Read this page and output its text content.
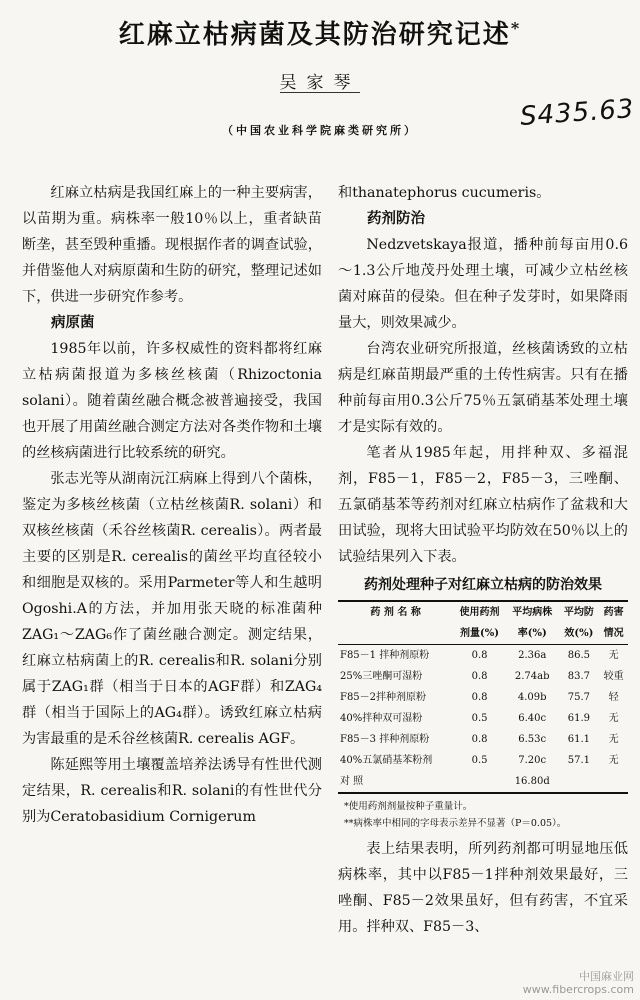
红麻立枯病菌及其防治研究记述*
吴家琴
S435.63
（中国农业科学院麻类研究所）

红麻立枯病是我国红麻上的一种主要病害，以苗期为重。病株率一般10％以上，重者缺苗断垄，甚至毁种重播。现根据作者的调查试验，并借鉴他人对病原菌和生防的研究，整理记述如下，供进一步研究作参考。

病原菌

1985年以前，许多权威性的资料都将红麻立枯病菌报道为多核丝核菌（Rhizoctonia solani）。随着菌丝融合概念被普遍接受，我国也开展了用菌丝融合测定方法对各类作物和土壤的丝核病菌进行比较系统的研究。

张志光等从湖南沅江病麻上得到八个菌株，鉴定为多核丝核菌（立枯丝核菌R. solani）和双核丝核菌（禾谷丝核菌R. cerealis）。两者最主要的区别是R. cerealis的菌丝平均直径较小和细胞是双核的。采用Parmeter等人和生越明Ogoshi.A的方法，并加用张天晓的标准菌种ZAG₁～ZAG₆作了菌丝融合测定。测定结果，红麻立枯病菌上的R. cerealis和R. solani分别属于ZAG₁群（相当于日本的AGF群）和ZAG₄群（相当于国际上的AG₄群）。诱致红麻立枯病为害最重的是禾谷丝核菌R. cerealis AGF。

陈延熙等用土壤覆盖培养法诱导有性世代测定结果，R. cerealis和R. solani的有性世代分别为Ceratobasidium Cornigerum

和thanatephorus cucumeris。

药剂防治

Nedzvetskaya报道，播种前每亩用0.6～1.3公斤地茂丹处理土壤，可减少立枯丝核菌对麻苗的侵染。但在种子发芽时，如果降雨量大，则效果减少。

台湾农业研究所报道，丝核菌诱致的立枯病是红麻苗期最严重的土传性病害。只有在播种前每亩用0.3公斤75％五氯硝基苯处理土壤才是实际有效的。

笔者从1985年起，用拌种双、多福混剂，F85－1，F85－2，F85－3，三唑酮、五氯硝基苯等药剂对红麻立枯病作了盆栽和大田试验，现将大田试验平均防效在50％以上的试验结果列入下表。

药剂处理种子对红麻立枯病的防治效果
药 剂 名 称	使用药剂	平均病株	平均防	药害
	剂量(%)	率(%)	效(%)	情况
F85－1 拌种剂原粉	0.8	2.36a	86.5	无
25%三唑酮可湿粉	0.8	2.74ab	83.7	较重
F85－2拌种剂原粉	0.8	4.09b	75.7	轻
40%拌种双可湿粉	0.5	6.40c	61.9	无
F85－3 拌种剂原粉	0.8	6.53c	61.1	无
40%五氯硝基苯粉剂	0.5	7.20c	57.1	无
对 照		16.80d		
*使用药剂剂量按种子重量计。
**病株率中相同的字母表示差异不显著（P＝0.05）。

表上结果表明，所列药剂都可明显地压低病株率，其中以F85－1拌种剂效果最好，三唑酮、F85－2效果虽好，但有药害，不宜采用。拌种双、F85－3、

中国麻业网
www.fibercrops.com
